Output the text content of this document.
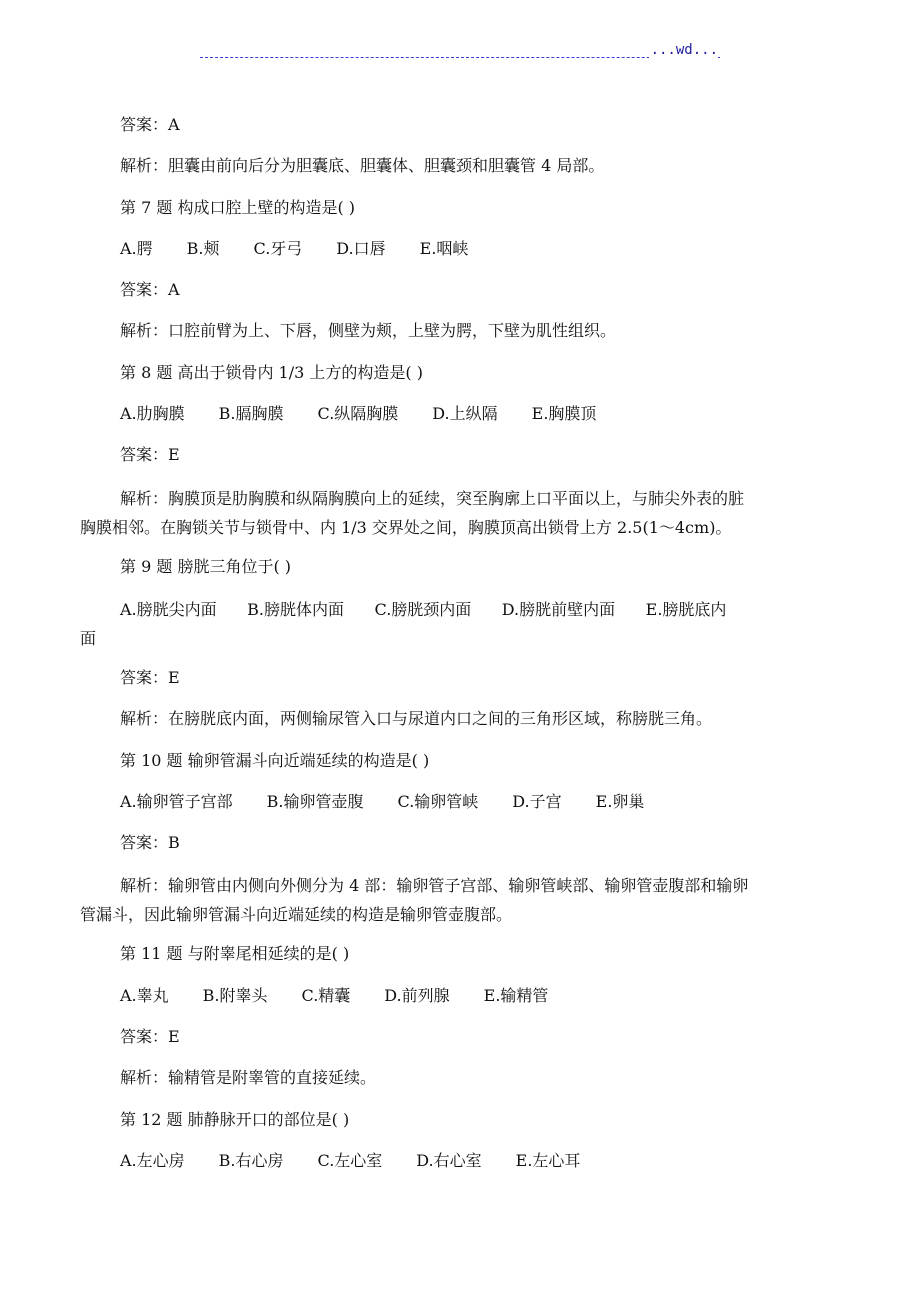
...wd...
答案：A
解析：胆囊由前向后分为胆囊底、胆囊体、胆囊颈和胆囊管 4 局部。
第 7 题 构成口腔上壁的构造是( )
A.腭 B.颊 C.牙弓 D.口唇 E.咽峡
答案：A
解析：口腔前臂为上、下唇，侧壁为颊，上壁为腭，下壁为肌性组织。
第 8 题 高出于锁骨内 1/3 上方的构造是( )
A.肋胸膜 B.膈胸膜 C.纵隔胸膜 D.上纵隔 E.胸膜顶
答案：E
解析：胸膜顶是肋胸膜和纵隔胸膜向上的延续，突至胸廓上口平面以上，与肺尖外表的脏
胸膜相邻。在胸锁关节与锁骨中、内 1/3 交界处之间，胸膜顶高出锁骨上方 2.5(1～4cm)。
第 9 题 膀胱三角位于( )
A.膀胱尖内面      B.膀胱体内面      C.膀胱颈内面      D.膀胱前壁内面      E.膀胱底内
面
答案：E
解析：在膀胱底内面，两侧输尿管入口与尿道内口之间的三角形区域，称膀胱三角。
第 10 题 输卵管漏斗向近端延续的构造是( )
A.输卵管子宫部 B.输卵管壶腹 C.输卵管峡 D.子宫 E.卵巢
答案：B
解析：输卵管由内侧向外侧分为 4 部：输卵管子宫部、输卵管峡部、输卵管壶腹部和输卵
管漏斗，因此输卵管漏斗向近端延续的构造是输卵管壶腹部。
第 11 题 与附睾尾相延续的是( )
A.睾丸 B.附睾头 C.精囊 D.前列腺 E.输精管
答案：E
解析：输精管是附睾管的直接延续。
第 12 题 肺静脉开口的部位是( )
A.左心房 B.右心房 C.左心室 D.右心室 E.左心耳
